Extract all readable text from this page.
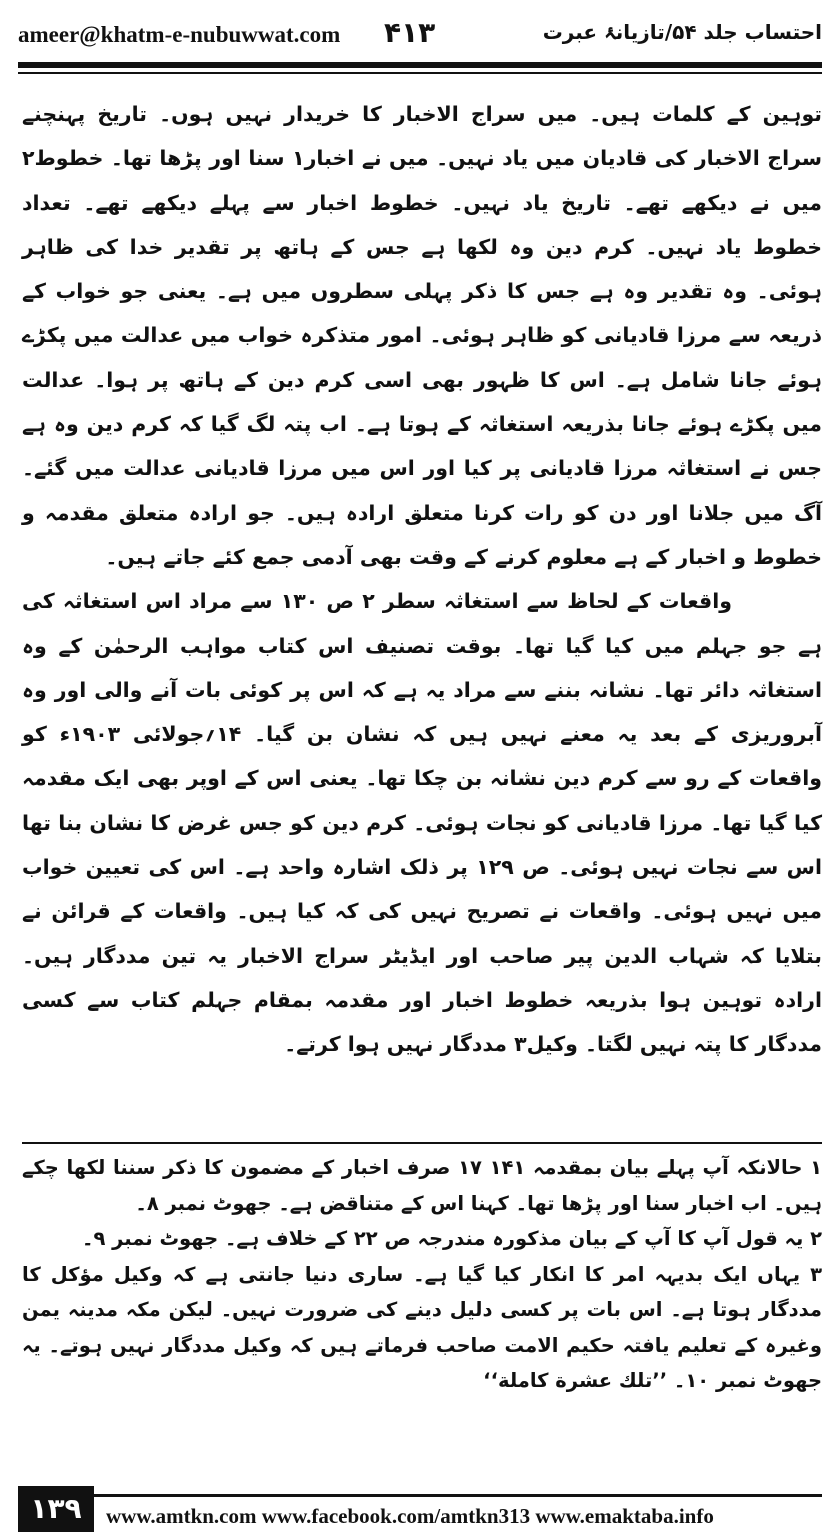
ameer@khatm-e-nubuwwat.com ۴۱۳	احتساب جلد ۵۴/تازیانۂ عبرت

توہین کے کلمات ہیں۔ میں سراج الاخبار کا خریدار نہیں ہوں۔ تاریخ پہنچنے سراج الاخبار کی قادیان میں یاد نہیں۔ میں نے اخبار۱ سنا اور پڑھا تھا۔ خطوط۲ میں نے دیکھے تھے۔ تاریخ یاد نہیں۔ خطوط اخبار سے پہلے دیکھے تھے۔ تعداد خطوط یاد نہیں۔ کرم دین وہ لکھا ہے جس کے ہاتھ پر تقدیر خدا کی ظاہر ہوئی۔ وہ تقدیر وہ ہے جس کا ذکر پہلی سطروں میں ہے۔ یعنی جو خواب کے ذریعہ سے مرزا قادیانی کو ظاہر ہوئی۔ امور متذکرہ خواب میں عدالت میں پکڑے ہوئے جانا شامل ہے۔ اس کا ظہور بھی اسی کرم دین کے ہاتھ پر ہوا۔ عدالت میں پکڑے ہوئے جانا بذریعہ استغاثہ کے ہوتا ہے۔ اب پتہ لگ گیا کہ کرم دین وہ ہے جس نے استغاثہ مرزا قادیانی پر کیا اور اس میں مرزا قادیانی عدالت میں گئے۔ آگ میں جلانا اور دن کو رات کرنا متعلق ارادہ ہیں۔ جو ارادہ متعلق مقدمہ و خطوط و اخبار کے ہے معلوم کرنے کے وقت بھی آدمی جمع کئے جاتے ہیں۔

واقعات کے لحاظ سے استغاثہ سطر ۲ ص ۱۳۰ سے مراد اس استغاثہ کی ہے جو جہلم میں کیا گیا تھا۔ بوقت تصنیف اس کتاب مواہب الرحمٰن کے وہ استغاثہ دائر تھا۔ نشانہ بننے سے مراد یہ ہے کہ اس پر کوئی بات آنے والی اور وہ آبروریزی کے بعد یہ معنے نہیں ہیں کہ نشان بن گیا۔ ۱۴؍جولائی ۱۹۰۳ء کو واقعات کے رو سے کرم دین نشانہ بن چکا تھا۔ یعنی اس کے اوپر بھی ایک مقدمہ کیا گیا تھا۔ مرزا قادیانی کو نجات ہوئی۔ کرم دین کو جس غرض کا نشان بنا تھا اس سے نجات نہیں ہوئی۔ ص ۱۲۹ پر ذلک اشارہ واحد ہے۔ اس کی تعیین خواب میں نہیں ہوئی۔ واقعات نے تصریح نہیں کی کہ کیا ہیں۔ واقعات کے قرائن نے بتلایا کہ شہاب الدین پیر صاحب اور ایڈیٹر سراج الاخبار یہ تین مددگار ہیں۔ ارادہ توہین ہوا بذریعہ خطوط اخبار اور مقدمہ بمقام جہلم کتاب سے کسی مددگار کا پتہ نہیں لگتا۔ وکیل۳ مددگار نہیں ہوا کرتے۔

۱ حالانکہ آپ پہلے بیان بمقدمہ ۱۴۱ ۱۷ صرف اخبار کے مضمون کا ذکر سننا لکھا چکے ہیں۔ اب اخبار سنا اور پڑھا تھا۔ کہنا اس کے متناقض ہے۔ جھوٹ نمبر ۸۔

۲ یہ قول آپ کا آپ کے بیان مذکورہ مندرجہ ص ۲۲ کے خلاف ہے۔ جھوٹ نمبر ۹۔

۳ یہاں ایک بدیہہ امر کا انکار کیا گیا ہے۔ ساری دنیا جانتی ہے کہ وکیل مؤکل کا مددگار ہوتا ہے۔ اس بات پر کسی دلیل دینے کی ضرورت نہیں۔ لیکن مکہ مدینہ یمن وغیرہ کے تعلیم یافتہ حکیم الامت صاحب فرماتے ہیں کہ وکیل مددگار نہیں ہوتے۔ یہ جھوٹ نمبر ۱۰۔ ’’تلك عشرة كاملة‘‘

۱۳۹	www.amtkn.com www.facebook.com/amtkn313 www.emaktaba.info
